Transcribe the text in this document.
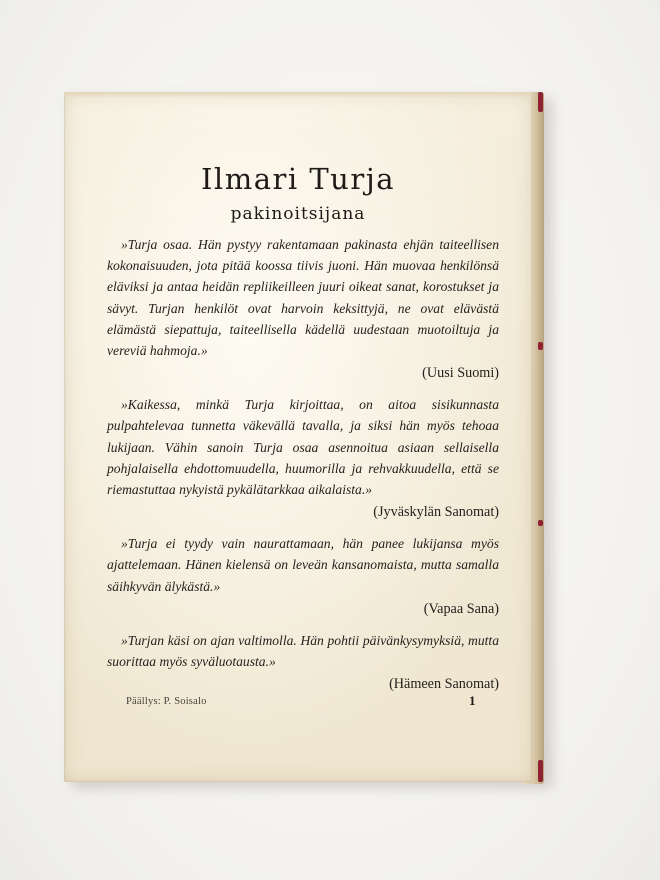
Ilmari Turja
pakinoitsijana

»Turja osaa. Hän pystyy rakentamaan pakinasta ehjän taiteellisen kokonaisuuden, jota pitää koossa tiivis juoni. Hän muovaa henkilönsä eläviksi ja antaa heidän repliikeilleen juuri oikeat sanat, korostukset ja sävyt. Turjan henkilöt ovat harvoin keksittyjä, ne ovat elävästä elämästä siepattuja, taiteellisella kädellä uudestaan muotoiltuja ja vereviä hahmoja.»

(Uusi Suomi)

»Kaikessa, minkä Turja kirjoittaa, on aitoa sisikunnasta pulpahtelevaa tunnetta väkevällä tavalla, ja siksi hän myös tehoaa lukijaan. Vähin sanoin Turja osaa asennoitua asiaan sellaisella pohjalaisella ehdottomuudella, huumorilla ja rehvakkuudella, että se riemastuttaa nykyistä pykälätarkkaa aikalaista.»

(Jyväskylän Sanomat)

»Turja ei tyydy vain naurattamaan, hän panee lukijansa myös ajattelemaan. Hänen kielensä on leveän kansanomaista, mutta samalla säihkyvän älykästä.»

(Vapaa Sana)

»Turjan käsi on ajan valtimolla. Hän pohtii päivänkysymyksiä, mutta suorittaa myös syväluotausta.»

(Hämeen Sanomat)

Päällys: P. Soisalo	1
